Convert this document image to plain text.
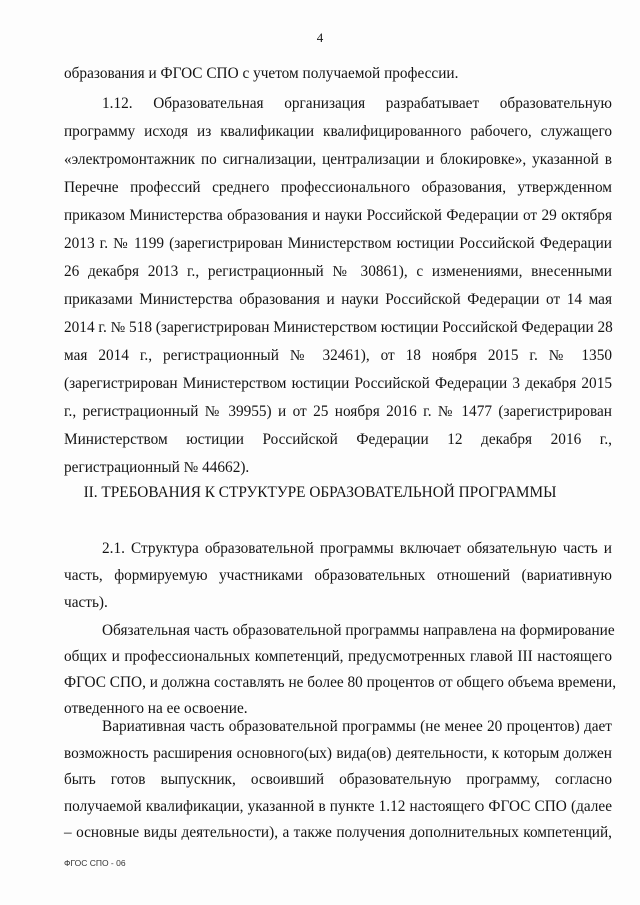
4
образования и ФГОС СПО с учетом получаемой профессии.
1.12. Образовательная организация разрабатывает образовательную
программу исходя из квалификации квалифицированного рабочего, служащего
«электромонтажник по сигнализации, централизации и блокировке», указанной в
Перечне профессий среднего профессионального образования, утвержденном
приказом Министерства образования и науки Российской Федерации от 29 октября
2013 г. № 1199 (зарегистрирован Министерством юстиции Российской Федерации
26 декабря 2013 г., регистрационный № 30861), с изменениями, внесенными
приказами Министерства образования и науки Российской Федерации от 14 мая
2014 г. № 518 (зарегистрирован Министерством юстиции Российской Федерации 28
мая 2014 г., регистрационный № 32461), от 18 ноября 2015 г. № 1350
(зарегистрирован Министерством юстиции Российской Федерации 3 декабря 2015
г., регистрационный № 39955) и от 25 ноября 2016 г. № 1477 (зарегистрирован
Министерством юстиции Российской Федерации 12 декабря 2016 г.,
регистрационный № 44662).
II. ТРЕБОВАНИЯ К СТРУКТУРЕ ОБРАЗОВАТЕЛЬНОЙ ПРОГРАММЫ
2.1. Структура образовательной программы включает обязательную часть и
часть, формируемую участниками образовательных отношений (вариативную
часть).
Обязательная часть образовательной программы направлена на формирование
общих и профессиональных компетенций, предусмотренных главой III настоящего
ФГОС СПО, и должна составлять не более 80 процентов от общего объема времени,
отведенного на ее освоение.
Вариативная часть образовательной программы (не менее 20 процентов) дает
возможность расширения основного(ых) вида(ов) деятельности, к которым должен
быть готов выпускник, освоивший образовательную программу, согласно
получаемой квалификации, указанной в пункте 1.12 настоящего ФГОС СПО (далее
– основные виды деятельности), а также получения дополнительных компетенций,
ФГОС СПО - 06
